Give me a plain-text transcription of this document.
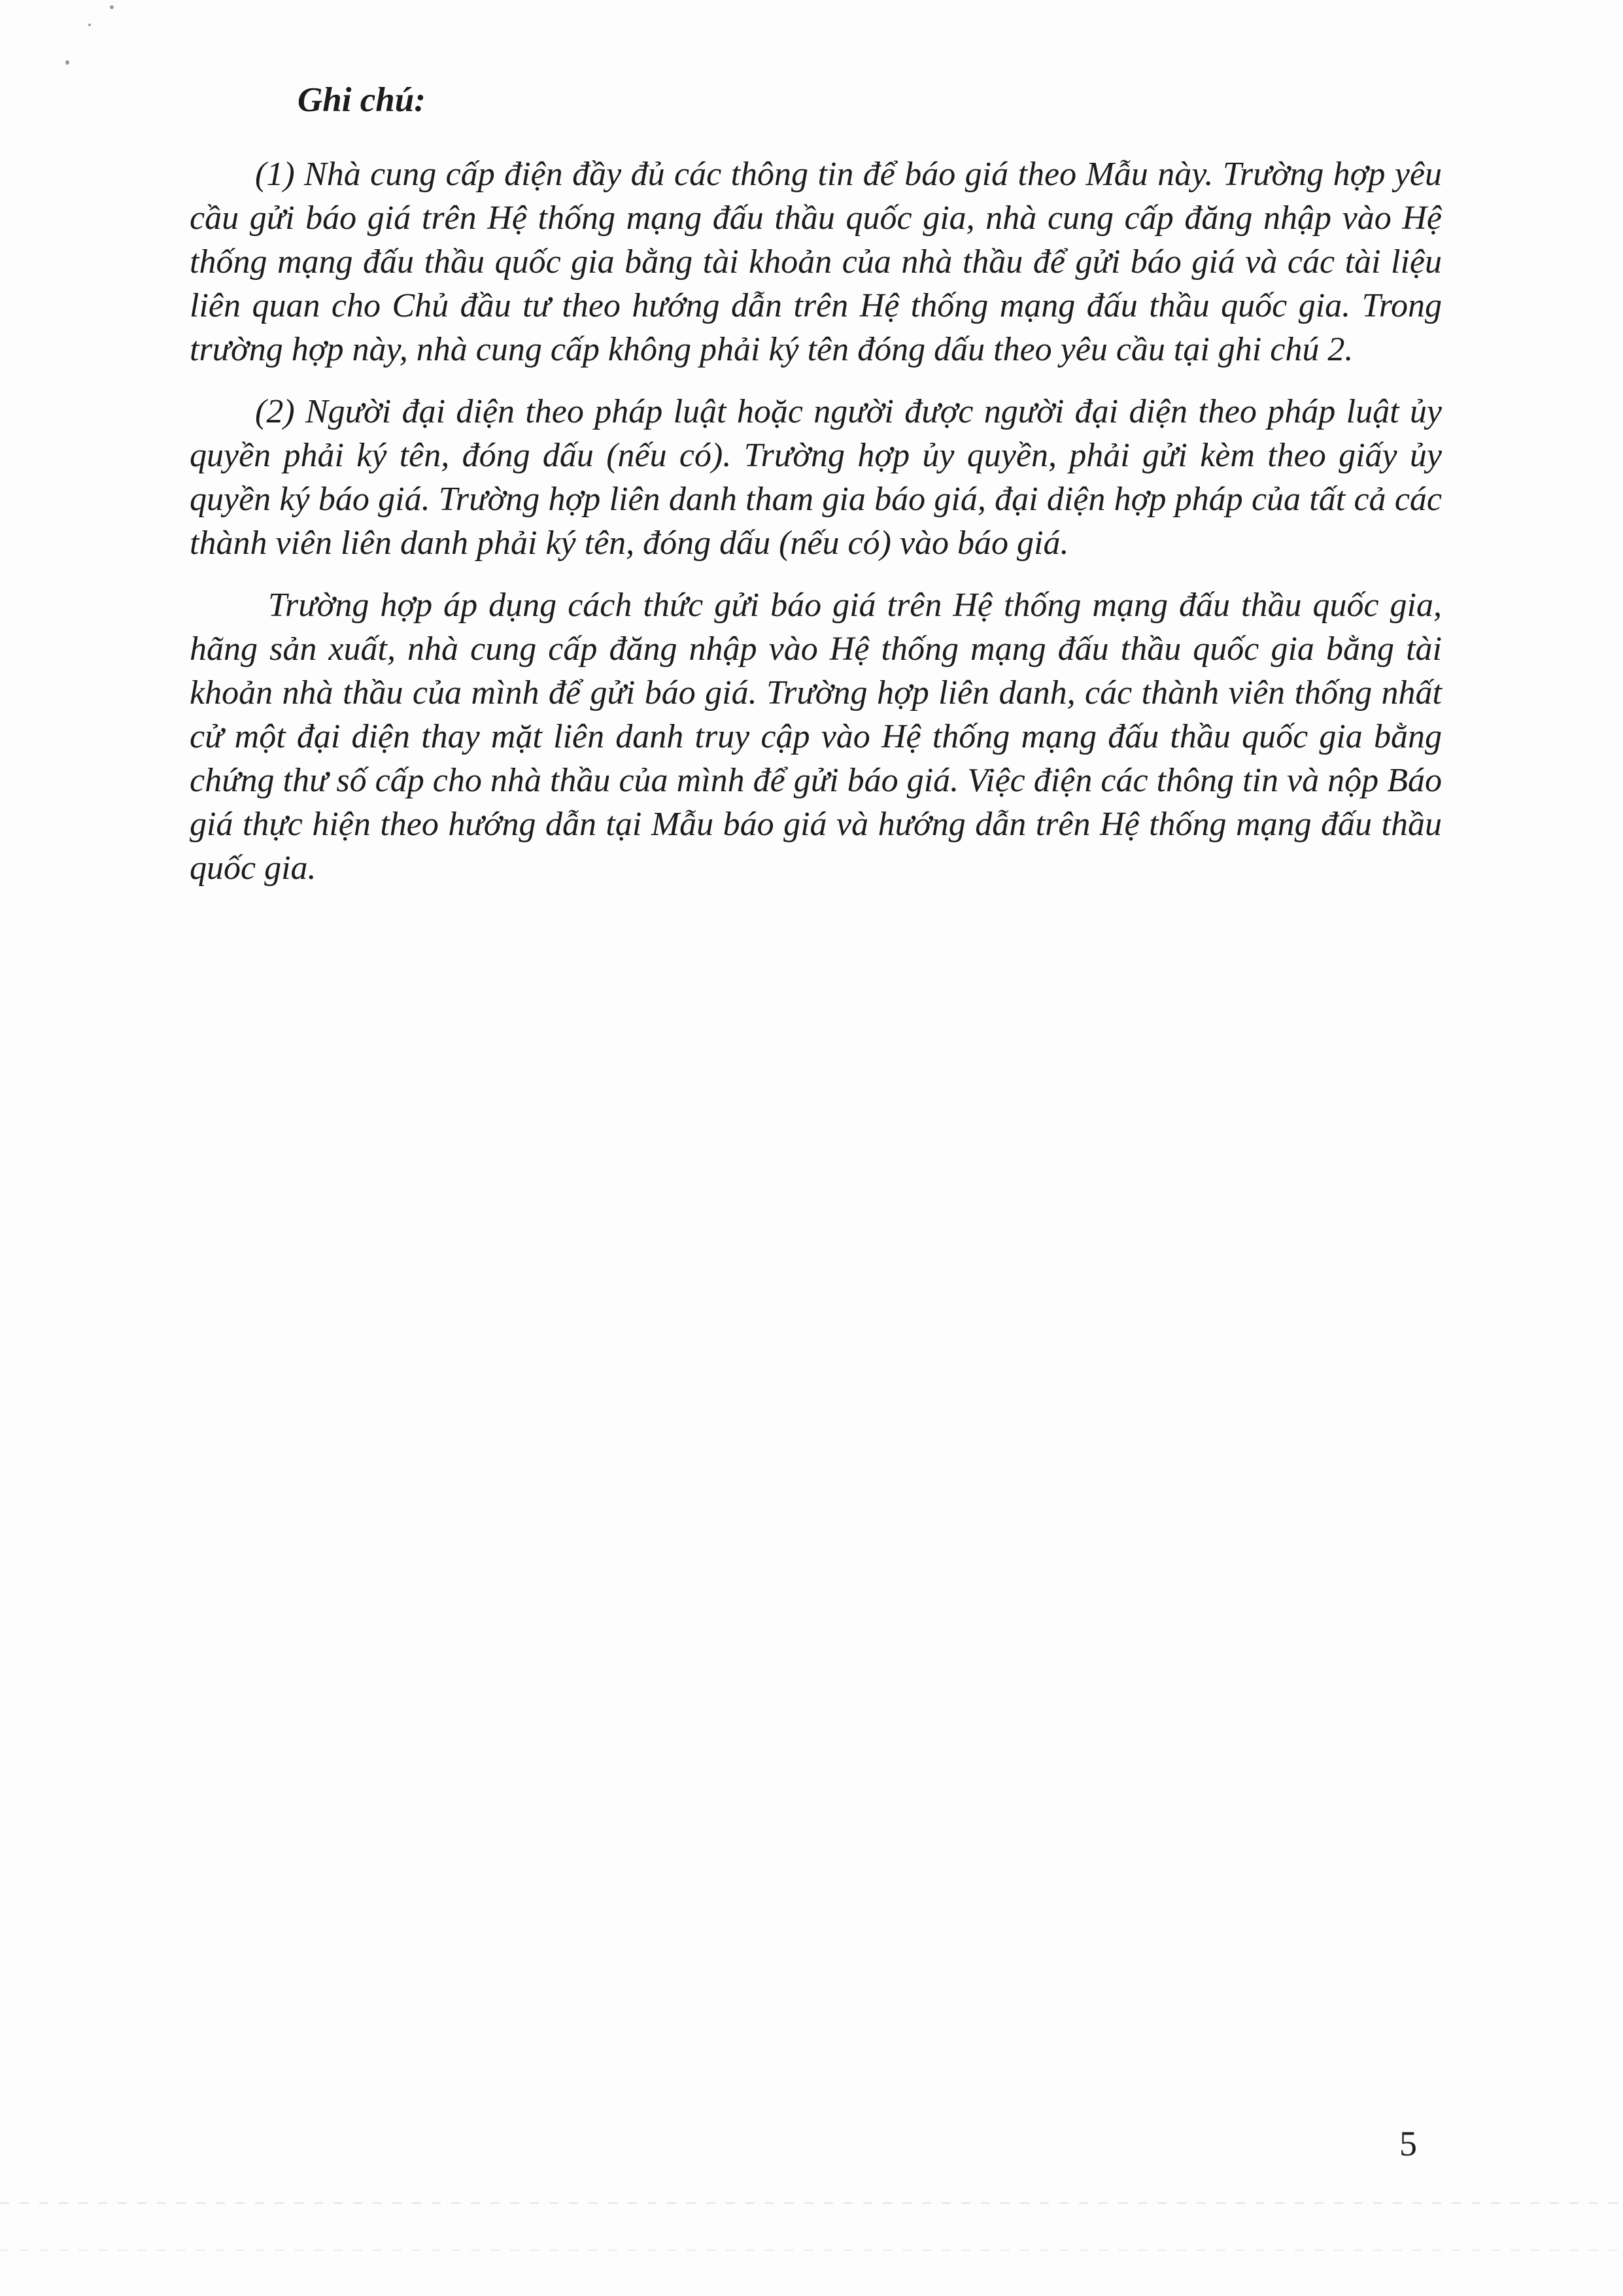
Ghi chú:

(1) Nhà cung cấp điện đầy đủ các thông tin để báo giá theo Mẫu này. Trường hợp yêu cầu gửi báo giá trên Hệ thống mạng đấu thầu quốc gia, nhà cung cấp đăng nhập vào Hệ thống mạng đấu thầu quốc gia bằng tài khoản của nhà thầu để gửi báo giá và các tài liệu liên quan cho Chủ đầu tư theo hướng dẫn trên Hệ thống mạng đấu thầu quốc gia. Trong trường hợp này, nhà cung cấp không phải ký tên đóng dấu theo yêu cầu tại ghi chú 2.

(2) Người đại diện theo pháp luật hoặc người được người đại diện theo pháp luật ủy quyền phải ký tên, đóng dấu (nếu có). Trường hợp ủy quyền, phải gửi kèm theo giấy ủy quyền ký báo giá. Trường hợp liên danh tham gia báo giá, đại diện hợp pháp của tất cả các thành viên liên danh phải ký tên, đóng dấu (nếu có) vào báo giá.

Trường hợp áp dụng cách thức gửi báo giá trên Hệ thống mạng đấu thầu quốc gia, hãng sản xuất, nhà cung cấp đăng nhập vào Hệ thống mạng đấu thầu quốc gia bằng tài khoản nhà thầu của mình để gửi báo giá. Trường hợp liên danh, các thành viên thống nhất cử một đại diện thay mặt liên danh truy cập vào Hệ thống mạng đấu thầu quốc gia bằng chứng thư số cấp cho nhà thầu của mình để gửi báo giá. Việc điện các thông tin và nộp Báo giá thực hiện theo hướng dẫn tại Mẫu báo giá và hướng dẫn trên Hệ thống mạng đấu thầu quốc gia.

5
